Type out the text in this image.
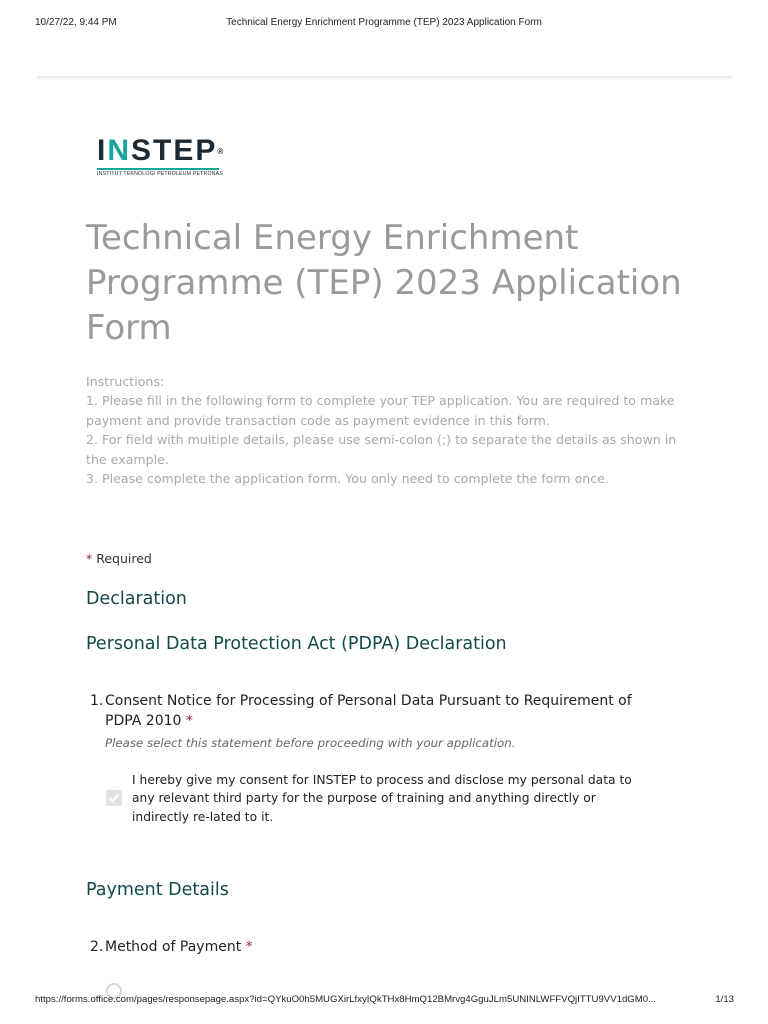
10/27/22, 9:44 PM	Technical Energy Enrichment Programme (TEP) 2023 Application Form
INSTEP®
INSTITUT TEKNOLOGI PETROLEUM PETRONAS
Technical Energy Enrichment Programme (TEP) 2023 Application Form

Instructions:

1. Please fill in the following form to complete your TEP application. You are required to make payment and provide transaction code as payment evidence in this form.

2. For field with multiple details, please use semi-colon (;) to separate the details as shown in the example.

3. Please complete the application form. You only need to complete the form once.

* Required
Declaration
Personal Data Protection Act (PDPA) Declaration
1. Consent Notice for Processing of Personal Data Pursuant to Requirement of PDPA 2010 *
Please select this statement before proceeding with your application.
I hereby give my consent for INSTEP to process and disclose my personal data to any relevant third party for the purpose of training and anything directly or indirectly re-lated to it.
Payment Details
2. Method of Payment *
https://forms.office.com/pages/responsepage.aspx?id=QYkuO0h5MUGXirLfxyIQkTHx8HmQ12BMrvg4GguJLm5UNINLWFFVQjITTU9VV1dGM0...	1/13
